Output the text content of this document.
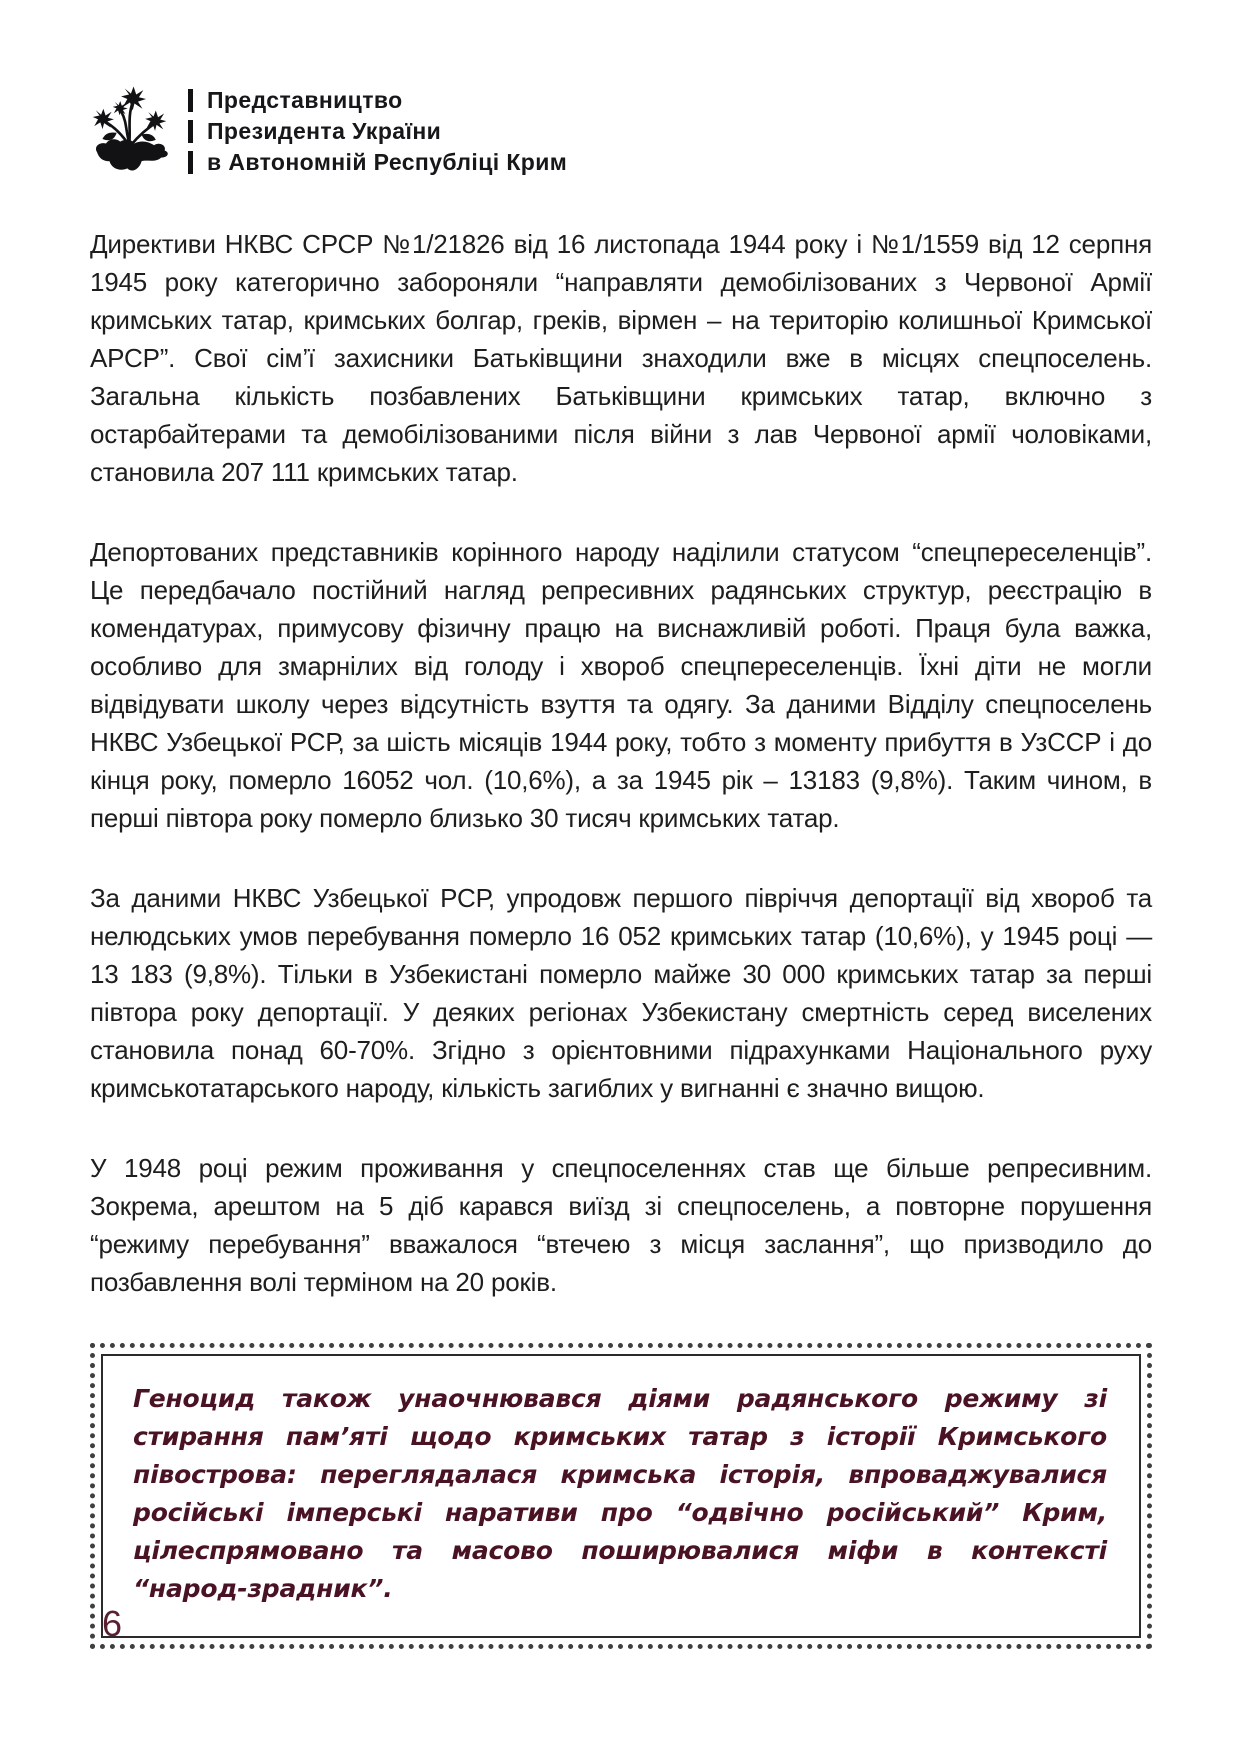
Представництво
Президента України
в Автономній Республіці Крим

Директиви НКВС СРСР №1/21826 від 16 листопада 1944 року і №1/1559 від 12 серпня 1945 року категорично забороняли “направляти демобілізованих з Червоної Армії кримських татар, кримських болгар, греків, вірмен – на територію колишньої Кримської АРСР”. Свої сім’ї захисники Батьківщини знаходили вже в місцях спецпоселень. Загальна кількість позбавлених Батьківщини кримських татар, включно з остарбайтерами та демобілізованими після війни з лав Червоної армії чоловіками, становила 207 111 кримських татар.

Депортованих представників корінного народу наділили статусом “спецпереселенців”. Це передбачало постійний нагляд репресивних радянських структур, реєстрацію в комендатурах, примусову фізичну працю на виснажливій роботі. Праця була важка, особливо для змарнілих від голоду і хвороб спецпереселенців. Їхні діти не могли відвідувати школу через відсутність взуття та одягу. За даними Відділу спецпоселень НКВС Узбецької РСР, за шість місяців 1944 року, тобто з моменту прибуття в УзССР і до кінця року, померло 16052 чол. (10,6%), а за 1945 рік – 13183 (9,8%). Таким чином, в перші півтора року померло близько 30 тисяч кримських татар.

За даними НКВС Узбецької РСР, упродовж першого півріччя депортації від хвороб та нелюдських умов перебування померло 16 052 кримських татар (10,6%), у 1945 році — 13 183 (9,8%). Тільки в Узбекистані померло майже 30 000 кримських татар за перші півтора року депортації. У деяких регіонах Узбекистану смертність серед виселених становила понад 60-70%. Згідно з орієнтовними підрахунками Національного руху кримськотатарського народу, кількість загиблих у вигнанні є значно вищою.

У 1948 році режим проживання у спецпоселеннях став ще більше репресивним. Зокрема, арештом на 5 діб карався виїзд зі спецпоселень, а повторне порушення “режиму перебування” вважалося “втечею з місця заслання”, що призводило до позбавлення волі терміном на 20 років.

Геноцид також унаочнювався діями радянського режиму зі стирання пам’яті щодо кримських татар з історії Кримського півострова: переглядалася кримська історія, впроваджувалися російські імперські наративи про “одвічно російський” Крим, цілеспрямовано та масово поширювалися міфи в контексті “народ-зрадник”.

6
